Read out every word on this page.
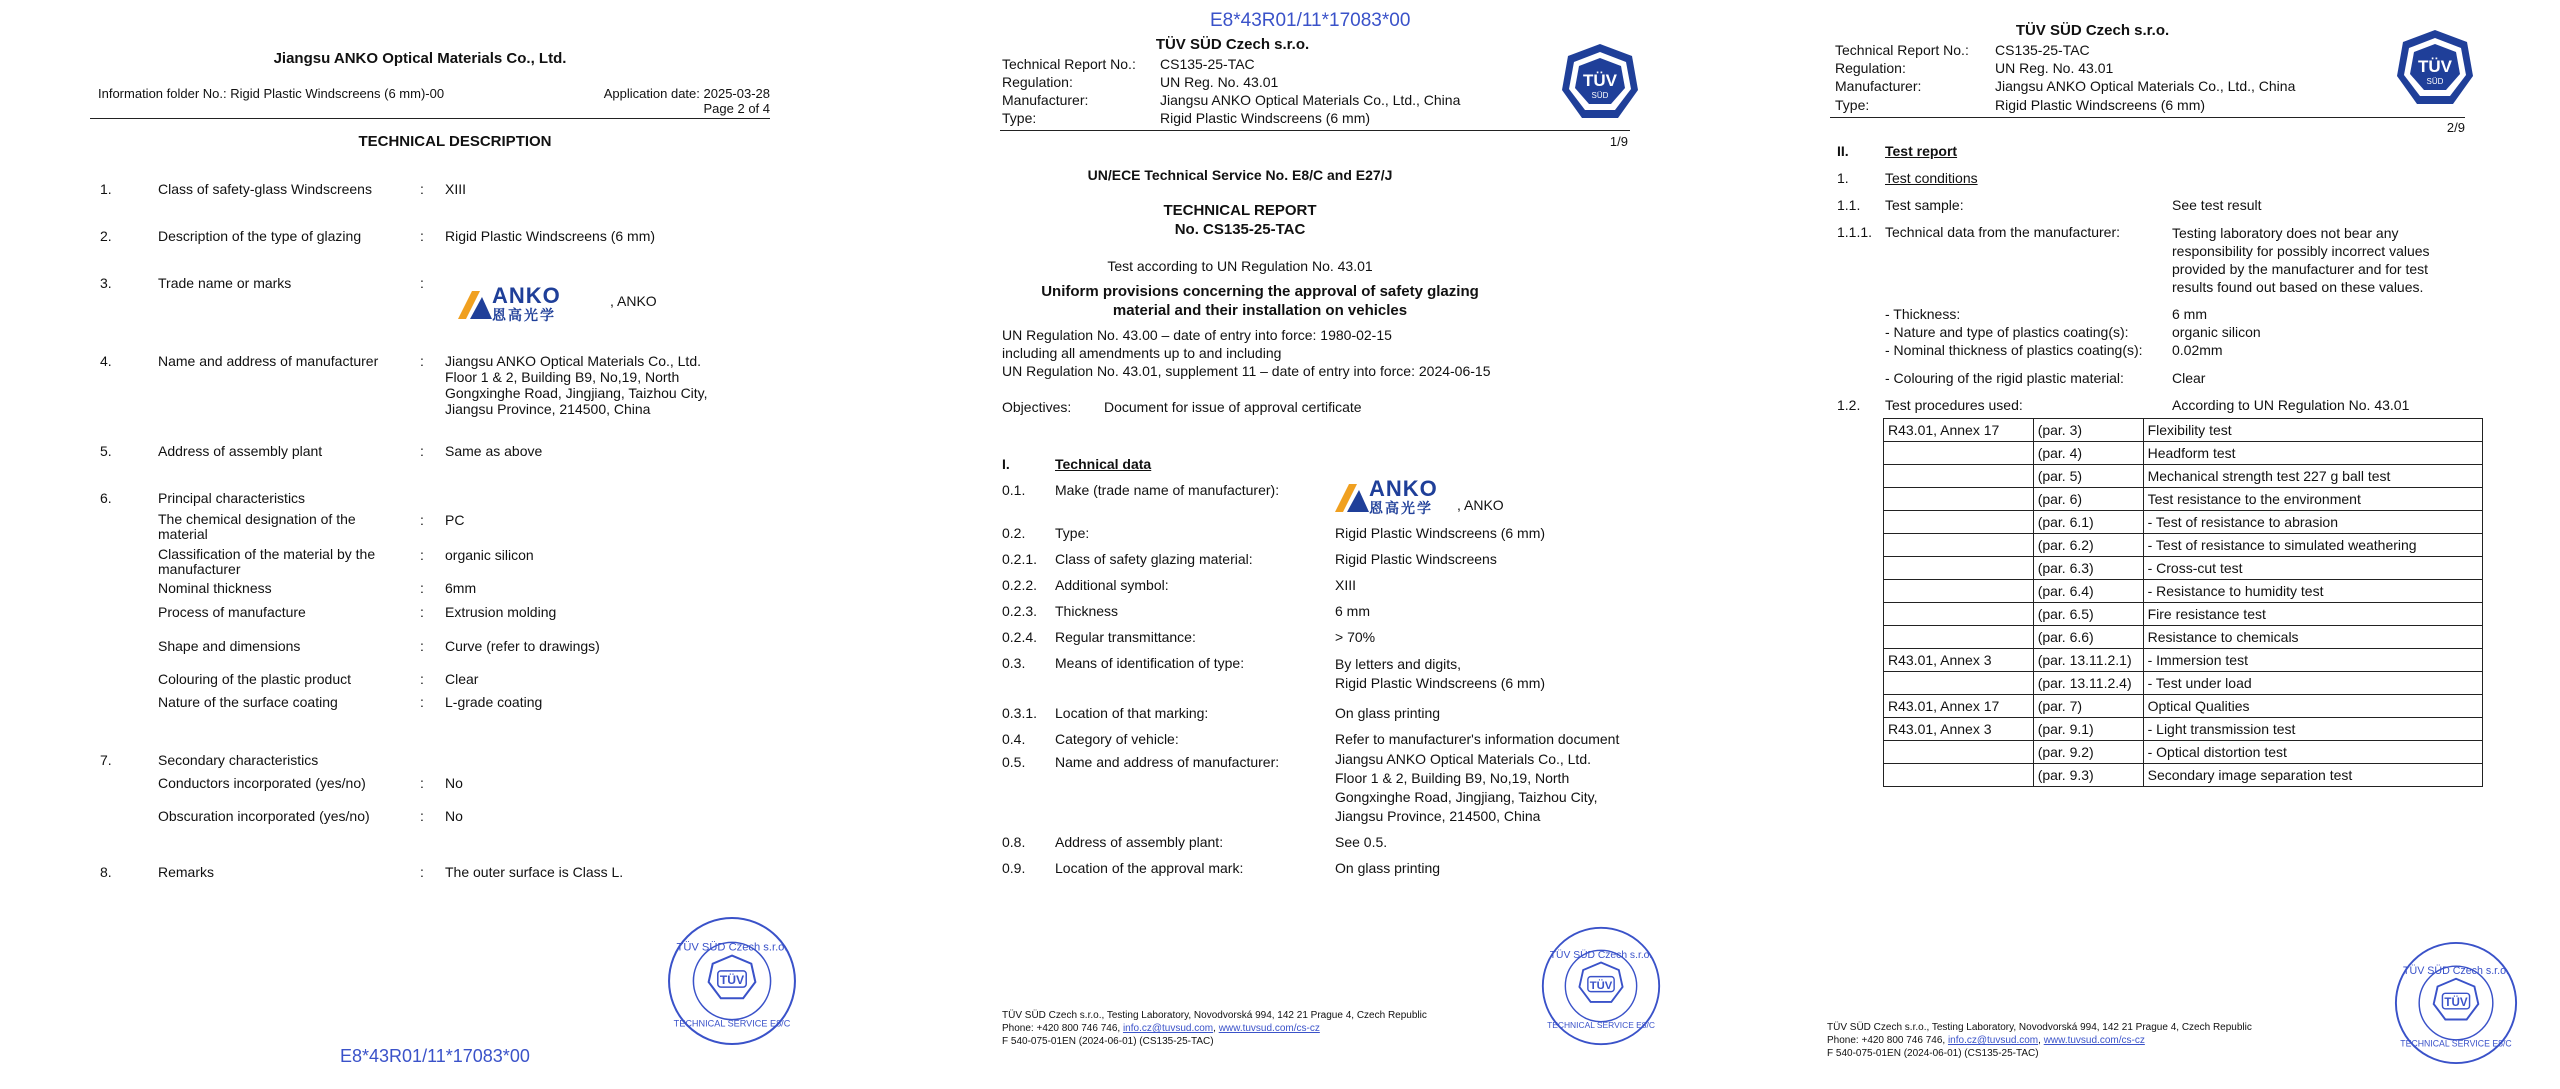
Jiangsu ANKO Optical Materials Co., Ltd.
Information folder No.: Rigid Plastic Windscreens (6 mm)-00	Application date: 2025-03-28
Page 2 of 4
TECHNICAL DESCRIPTION
1.	Class of safety-glass Windscreens	: XIII
2.	Description of the type of glazing	: Rigid Plastic Windscreens (6 mm)
3.	Trade name or marks	:	ANKO
恩高光学
, ANKO
4.	Name and address of manufacturer	: Jiangsu ANKO Optical Materials Co., Ltd.
Floor 1 & 2, Building B9, No,19, North
Gongxinghe Road, Jingjiang, Taizhou City,
Jiangsu Province, 214500, China
5.	Address of assembly plant	: Same as above
6.	Principal characteristics
The chemical designation of the
material
: PC
Classification of the material by the
manufacturer
: organic silicon
Nominal thickness	: 6mm
Process of manufacture	: Extrusion molding
Shape and dimensions	: Curve (refer to drawings)
Colouring of the plastic product	: Clear
Nature of the surface coating	: L-grade coating
7.	Secondary characteristics
Conductors incorporated (yes/no)	: No
Obscuration incorporated (yes/no)	: No
8.	Remarks	: The outer surface is Class L.
TÜV
TÜV SÜD Czech s.r.o.
TECHNICAL SERVICE E8/C
E8*43R01/11*17083*00
E8*43R01/11*17083*00
TÜV SÜD Czech s.r.o.
Technical Report No.: CS135-25-TAC
Regulation:	UN Reg. No. 43.01
Manufacturer:	Jiangsu ANKO Optical Materials Co., Ltd., China
Type:	Rigid Plastic Windscreens (6 mm)
TÜV
SÜD
1/9
UN/ECE Technical Service No. E8/C and E27/J
TECHNICAL REPORT
No. CS135-25-TAC
Test according to UN Regulation No. 43.01
Uniform provisions concerning the approval of safety glazing material and their installation on vehicles
UN Regulation No. 43.00 – date of entry into force: 1980-02-15
including all amendments up to and including
UN Regulation No. 43.01, supplement 11 – date of entry into force: 2024-06-15
Objectives: Document for issue of approval certificate
I.	Technical data
0.1. Make (trade name of manufacturer):	ANKO
恩高光学	, ANKO
0.2. Type:	Rigid Plastic Windscreens (6 mm)
0.2.1. Class of safety glazing material:	Rigid Plastic Windscreens
0.2.2. Additional symbol:	XIII
0.2.3. Thickness	6 mm
0.2.4. Regular transmittance:	> 70%
0.3. Means of identification of type:	By letters and digits,
Rigid Plastic Windscreens (6 mm)
0.3.1. Location of that marking:	On glass printing
0.4. Category of vehicle:	Refer to manufacturer's information document
0.5. Name and address of manufacturer:	Jiangsu ANKO Optical Materials Co., Ltd.
Floor 1 & 2, Building B9, No,19, North
Gongxinghe Road, Jingjiang, Taizhou City,
Jiangsu Province, 214500, China
0.8. Address of assembly plant:	See 0.5.
0.9. Location of the approval mark:	On glass printing
TÜV
TÜV SÜD Czech s.r.o.
TECHNICAL SERVICE E8/C
TÜV SÜD Czech s.r.o., Testing Laboratory, Novodvorská 994, 142 21 Prague 4, Czech Republic
Phone: +420 800 746 746, info.cz@tuvsud.com, www.tuvsud.com/cs-cz
F 540-075-01EN (2024-06-01) (CS135-25-TAC)
TÜV SÜD Czech s.r.o.
Technical Report No.: CS135-25-TAC
Regulation:	UN Reg. No. 43.01
Manufacturer:	Jiangsu ANKO Optical Materials Co., Ltd., China
Type:	Rigid Plastic Windscreens (6 mm)
TÜV
SÜD
2/9
II.	Test report
1.	Test conditions
1.1. Test sample:	See test result
1.1.1. Technical data from the manufacturer:	Testing laboratory does not bear any
responsibility for possibly incorrect values
provided by the manufacturer and for test
results found out based on these values.
- Thickness:	6 mm
- Nature and type of plastics coating(s):	organic silicon
- Nominal thickness of plastics coating(s): 0.02mm
- Colouring of the rigid plastic material:	Clear
1.2. Test procedures used:	According to UN Regulation No. 43.01
R43.01, Annex 17	(par. 3)	Flexibility test
	(par. 4)	Headform test
	(par. 5)	Mechanical strength test 227 g ball test
	(par. 6)	Test resistance to the environment
	(par. 6.1)	- Test of resistance to abrasion
	(par. 6.2)	- Test of resistance to simulated weathering
	(par. 6.3)	- Cross-cut test
	(par. 6.4)	- Resistance to humidity test
	(par. 6.5)	Fire resistance test
	(par. 6.6)	Resistance to chemicals
R43.01, Annex 3	(par. 13.11.2.1)	- Immersion test
	(par. 13.11.2.4)	- Test under load
R43.01, Annex 17	(par. 7)	Optical Qualities
R43.01, Annex 3	(par. 9.1)	- Light transmission test
	(par. 9.2)	- Optical distortion test
	(par. 9.3)	Secondary image separation test
TÜV
TÜV SÜD Czech s.r.o.
TECHNICAL SERVICE E8/C
TÜV SÜD Czech s.r.o., Testing Laboratory, Novodvorská 994, 142 21 Prague 4, Czech Republic
Phone: +420 800 746 746, info.cz@tuvsud.com, www.tuvsud.com/cs-cz
F 540-075-01EN (2024-06-01) (CS135-25-TAC)
